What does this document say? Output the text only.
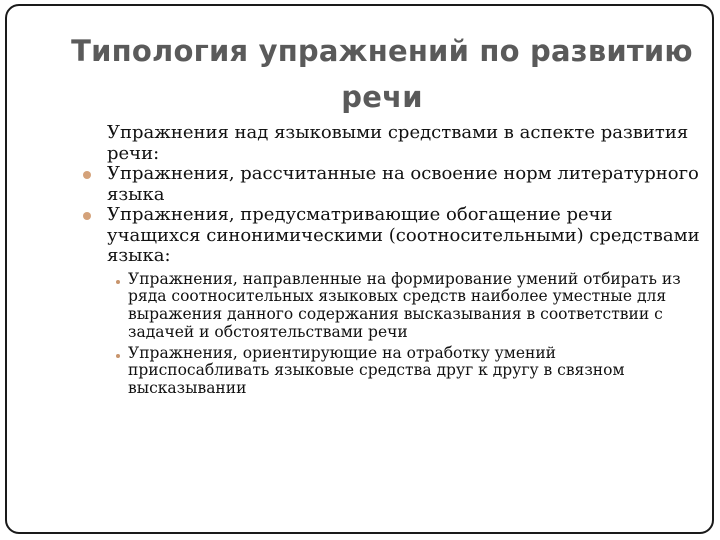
Типология упражнений по развитию речи

Упражнения над языковыми средствами в аспекте развития речи:

Упражнения, рассчитанные на освоение норм литературного языка

Упражнения, предусматривающие обогащение речи учащихся синонимическими (соотносительными) средствами языка:

Упражнения, направленные на формирование умений отбирать из ряда соотносительных языковых средств наиболее уместные для выражения данного содержания высказывания в соответствии с задачей и обстоятельствами речи

Упражнения, ориентирующие на отработку умений приспосабливать языковые средства друг к другу в связном высказывании
